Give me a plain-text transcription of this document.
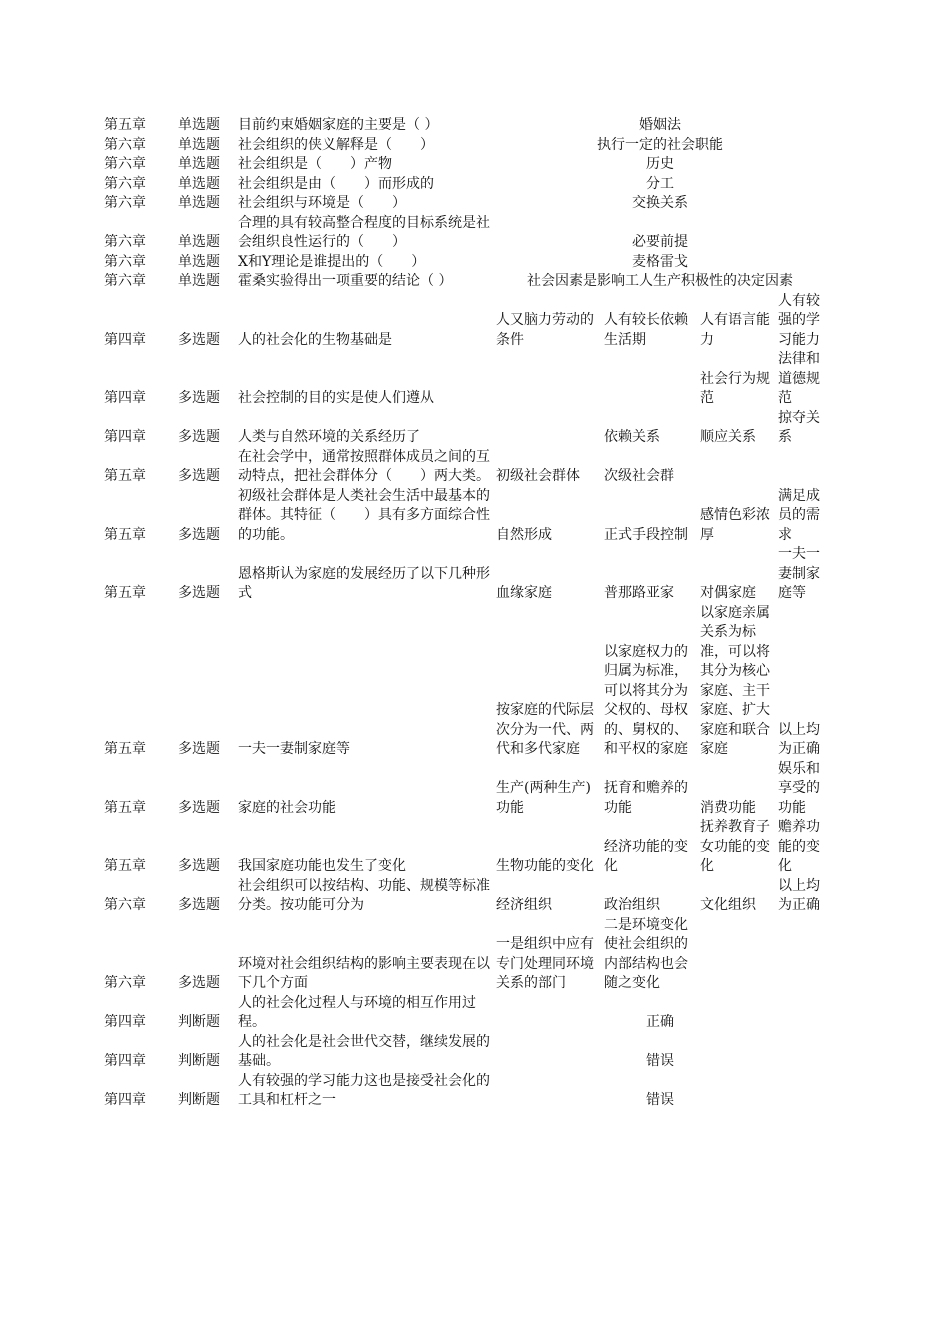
第五章	单选题	目前约束婚姻家庭的主要是（ ）	婚姻法			
第六章	单选题	社会组织的侠义解释是（　　）	执行一定的社会职能			
第六章	单选题	社会组织是（　　）产物	历史			
第六章	单选题	社会组织是由（　　）而形成的	分工			
第六章	单选题	社会组织与环境是（　　）	交换关系			
第六章	单选题	合理的具有较高整合程度的目标系统是社会组织良性运行的（　　）	必要前提			
第六章	单选题	X和Y理论是谁提出的（　　）	麦格雷戈			
第六章	单选题	霍桑实验得出一项重要的结论（ ）	社会因素是影响工人生产积极性的决定因素			
第四章	多选题	人的社会化的生物基础是	人又脑力劳动的条件	人有较长依赖生活期	人有语言能力	人有较强的学习能力
第四章	多选题	社会控制的目的实是使人们遵从			社会行为规范	法律和道德规范
第四章	多选题	人类与自然环境的关系经历了		依赖关系	顺应关系	掠夺关系
第五章	多选题	在社会学中，通常按照群体成员之间的互动特点，把社会群体分（　　）两大类。	初级社会群体	次级社会群		
第五章	多选题	初级社会群体是人类社会生活中最基本的群体。其特征（　　）具有多方面综合性的功能。	自然形成	正式手段控制	感情色彩浓厚	满足成员的需求
第五章	多选题	恩格斯认为家庭的发展经历了以下几种形式	血缘家庭	普那路亚家	对偶家庭	一夫一妻制家庭等
第五章	多选题	一夫一妻制家庭等	按家庭的代际层次分为一代、两代和多代家庭	以家庭权力的归属为标准，可以将其分为父权的、母权的、舅权的、和平权的家庭	以家庭亲属关系为标准，可以将其分为核心家庭、主干家庭、扩大家庭和联合家庭	以上均为正确
第五章	多选题	家庭的社会功能	生产(两种生产)功能	抚育和赡养的功能	消费功能	娱乐和享受的功能
第五章	多选题	我国家庭功能也发生了变化	生物功能的变化	经济功能的变化	抚养教育子女功能的变化	赡养功能的变化
第六章	多选题	社会组织可以按结构、功能、规模等标准分类。按功能可分为	经济组织	政治组织	文化组织	以上均为正确
第六章	多选题	环境对社会组织结构的影响主要表现在以下几个方面	一是组织中应有专门处理同环境关系的部门	二是环境变化使社会组织的内部结构也会随之变化		
第四章	判断题	人的社会化过程人与环境的相互作用过程。	正确			
第四章	判断题	人的社会化是社会世代交替，继续发展的基础。	错误			
第四章	判断题	人有较强的学习能力这也是接受社会化的工具和杠杆之一	错误			
